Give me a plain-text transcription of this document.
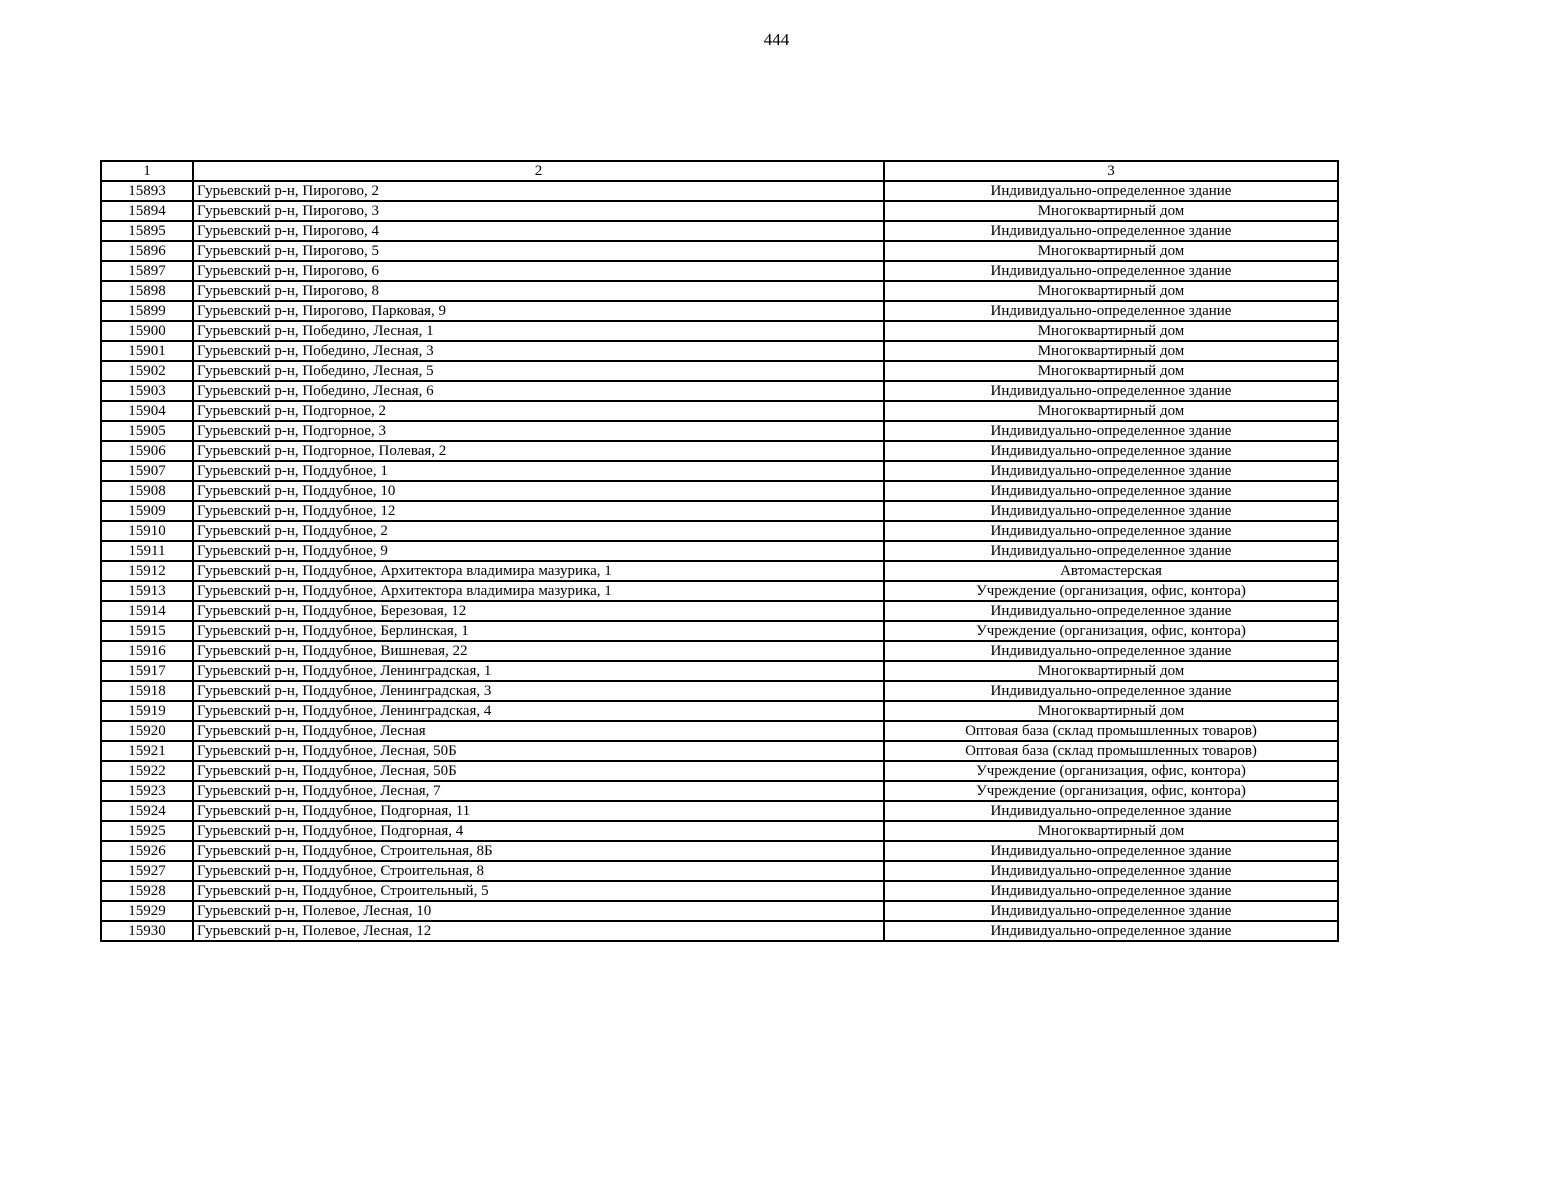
444
1	2	3
15893	Гурьевский р-н, Пирогово, 2	Индивидуально-определенное здание
15894	Гурьевский р-н, Пирогово, 3	Многоквартирный дом
15895	Гурьевский р-н, Пирогово, 4	Индивидуально-определенное здание
15896	Гурьевский р-н, Пирогово, 5	Многоквартирный дом
15897	Гурьевский р-н, Пирогово, 6	Индивидуально-определенное здание
15898	Гурьевский р-н, Пирогово, 8	Многоквартирный дом
15899	Гурьевский р-н, Пирогово, Парковая, 9	Индивидуально-определенное здание
15900	Гурьевский р-н, Победино, Лесная, 1	Многоквартирный дом
15901	Гурьевский р-н, Победино, Лесная, 3	Многоквартирный дом
15902	Гурьевский р-н, Победино, Лесная, 5	Многоквартирный дом
15903	Гурьевский р-н, Победино, Лесная, 6	Индивидуально-определенное здание
15904	Гурьевский р-н, Подгорное, 2	Многоквартирный дом
15905	Гурьевский р-н, Подгорное, 3	Индивидуально-определенное здание
15906	Гурьевский р-н, Подгорное, Полевая, 2	Индивидуально-определенное здание
15907	Гурьевский р-н, Поддубное, 1	Индивидуально-определенное здание
15908	Гурьевский р-н, Поддубное, 10	Индивидуально-определенное здание
15909	Гурьевский р-н, Поддубное, 12	Индивидуально-определенное здание
15910	Гурьевский р-н, Поддубное, 2	Индивидуально-определенное здание
15911	Гурьевский р-н, Поддубное, 9	Индивидуально-определенное здание
15912	Гурьевский р-н, Поддубное, Архитектора владимира мазурика, 1	Автомастерская
15913	Гурьевский р-н, Поддубное, Архитектора владимира мазурика, 1	Учреждение (организация, офис, контора)
15914	Гурьевский р-н, Поддубное, Березовая, 12	Индивидуально-определенное здание
15915	Гурьевский р-н, Поддубное, Берлинская, 1	Учреждение (организация, офис, контора)
15916	Гурьевский р-н, Поддубное, Вишневая, 22	Индивидуально-определенное здание
15917	Гурьевский р-н, Поддубное, Ленинградская, 1	Многоквартирный дом
15918	Гурьевский р-н, Поддубное, Ленинградская, 3	Индивидуально-определенное здание
15919	Гурьевский р-н, Поддубное, Ленинградская, 4	Многоквартирный дом
15920	Гурьевский р-н, Поддубное, Лесная	Оптовая база (склад промышленных товаров)
15921	Гурьевский р-н, Поддубное, Лесная, 50Б	Оптовая база (склад промышленных товаров)
15922	Гурьевский р-н, Поддубное, Лесная, 50Б	Учреждение (организация, офис, контора)
15923	Гурьевский р-н, Поддубное, Лесная, 7	Учреждение (организация, офис, контора)
15924	Гурьевский р-н, Поддубное, Подгорная, 11	Индивидуально-определенное здание
15925	Гурьевский р-н, Поддубное, Подгорная, 4	Многоквартирный дом
15926	Гурьевский р-н, Поддубное, Строительная, 8Б	Индивидуально-определенное здание
15927	Гурьевский р-н, Поддубное, Строительная, 8	Индивидуально-определенное здание
15928	Гурьевский р-н, Поддубное, Строительный, 5	Индивидуально-определенное здание
15929	Гурьевский р-н, Полевое, Лесная, 10	Индивидуально-определенное здание
15930	Гурьевский р-н, Полевое, Лесная, 12	Индивидуально-определенное здание
